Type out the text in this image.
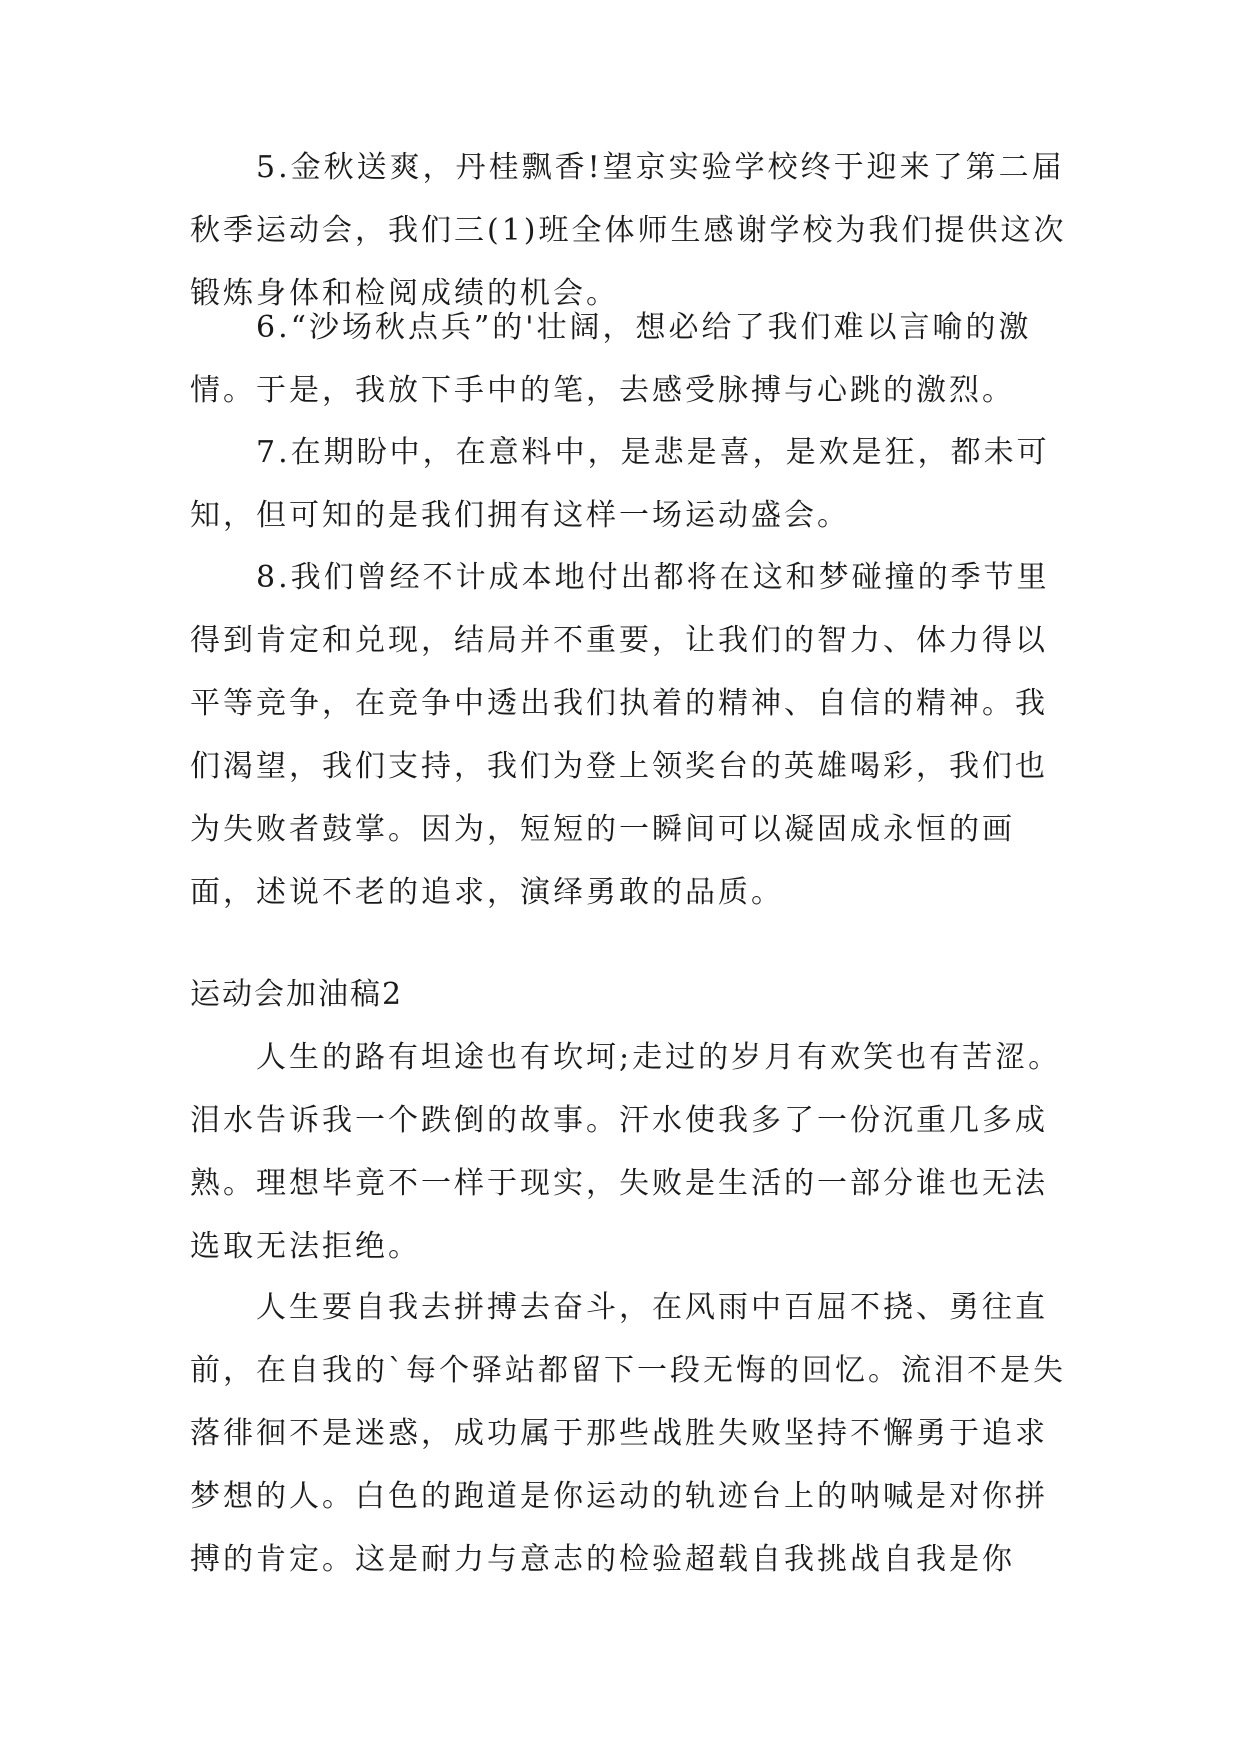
5.金秋送爽，丹桂飘香!望京实验学校终于迎来了第二届秋季运动会，我们三(1)班全体师生感谢学校为我们提供这次锻炼身体和检阅成绩的机会。

6.“沙场秋点兵”的'壮阔，想必给了我们难以言喻的激情。于是，我放下手中的笔，去感受脉搏与心跳的激烈。

7.在期盼中，在意料中，是悲是喜，是欢是狂，都未可知，但可知的是我们拥有这样一场运动盛会。

8.我们曾经不计成本地付出都将在这和梦碰撞的季节里得到肯定和兑现，结局并不重要，让我们的智力、体力得以平等竞争，在竞争中透出我们执着的精神、自信的精神。我们渴望，我们支持，我们为登上领奖台的英雄喝彩，我们也为失败者鼓掌。因为，短短的一瞬间可以凝固成永恒的画面，述说不老的追求，演绎勇敢的品质。

运动会加油稿2

人生的路有坦途也有坎坷;走过的岁月有欢笑也有苦涩。泪水告诉我一个跌倒的故事。汗水使我多了一份沉重几多成熟。理想毕竟不一样于现实，失败是生活的一部分谁也无法选取无法拒绝。

人生要自我去拼搏去奋斗，在风雨中百屈不挠、勇往直前，在自我的`每个驿站都留下一段无悔的回忆。流泪不是失落徘徊不是迷惑，成功属于那些战胜失败坚持不懈勇于追求梦想的人。白色的跑道是你运动的轨迹台上的呐喊是对你拼搏的肯定。这是耐力与意志的检验超载自我挑战自我是你
